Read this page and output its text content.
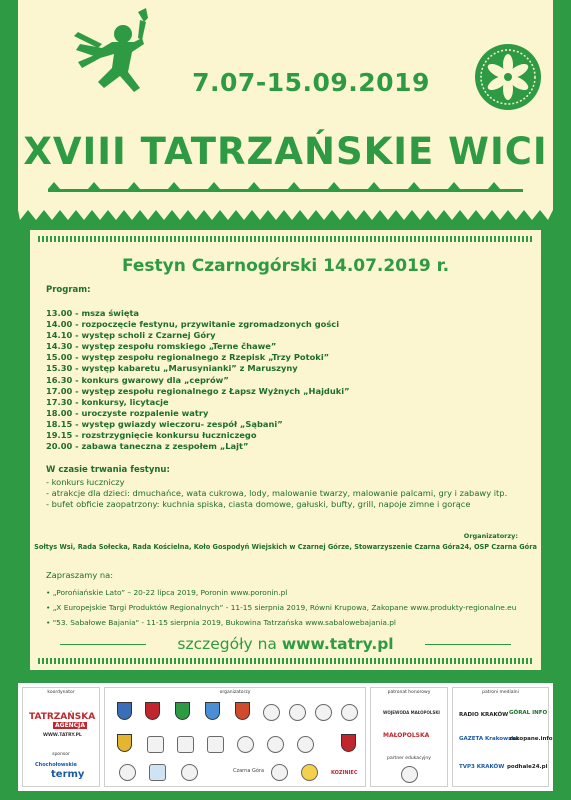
7.07-15.09.2019
XVIII TATRZAŃSKIE WICI
Festyn Czarnogórski 14.07.2019 r.
Program:
13.00 - msza święta
14.00 - rozpoczęcie festynu, przywitanie zgromadzonych gości
14.10 - występ scholi z Czarnej Góry
14.30 - występ zespołu romskiego „Terne čhawe”
15.00 - występ zespołu regionalnego z Rzepisk „Trzy Potoki”
15.30 - występ kabaretu „Marusynianki” z Maruszyny
16.30 - konkurs gwarowy dla „ceprów”
17.00 - występ zespołu regionalnego z Łapsz Wyżnych „Hajduki”
17.30 - konkursy, licytacje
18.00 - uroczyste rozpalenie watry
18.15 - występ gwiazdy wieczoru- zespół „Sąbani”
19.15 - rozstrzygnięcie konkursu łuczniczego
20.00 - zabawa taneczna z zespołem „Lajt”
W czasie trwania festynu:
- konkurs łuczniczy
- atrakcje dla dzieci: dmuchańce, wata cukrowa, lody, malowanie twarzy, malowanie palcami, gry i zabawy itp.
- bufet obficie zaopatrzony: kuchnia spiska, ciasta domowe, gałuski, bufty, grill, napoje zimne i gorące
Organizatorzy:
Sołtys Wsi, Rada Sołecka, Rada Kościelna, Koło Gospodyń Wiejskich w Czarnej Górze, Stowarzyszenie Czarna Góra24, OSP Czarna Góra
Zapraszamy na:
• „Porońiańskie Lato” – 20-22 lipca 2019, Poronin www.poronin.pl
• „X Europejskie Targi Produktów Regionalnych” - 11-15 sierpnia 2019, Równi Krupowa, Zakopane www.produkty-regionalne.eu
• "53. Sabałowe Bajania" - 11-15 sierpnia 2019, Bukowina Tatrzańska www.sabalowebajania.pl
szczegóły na www.tatry.pl
koordynator
TATRZAŃSKA
AGENCJA
WWW.TATRY.PL
sponsor
Chochołowskie
termy
organizatorzy
Czarna Góra	KOZINIEC
patronat honorowy
WOJEWODA MAŁOPOLSKI
MAŁOPOLSKA
partner edukacyjny
patroni medialni
RADIO KRAKÓW GÓRAL INFO
GAZETA Krakowska
zakopane.info
TVP3 KRAKÓW podhale24.pl
